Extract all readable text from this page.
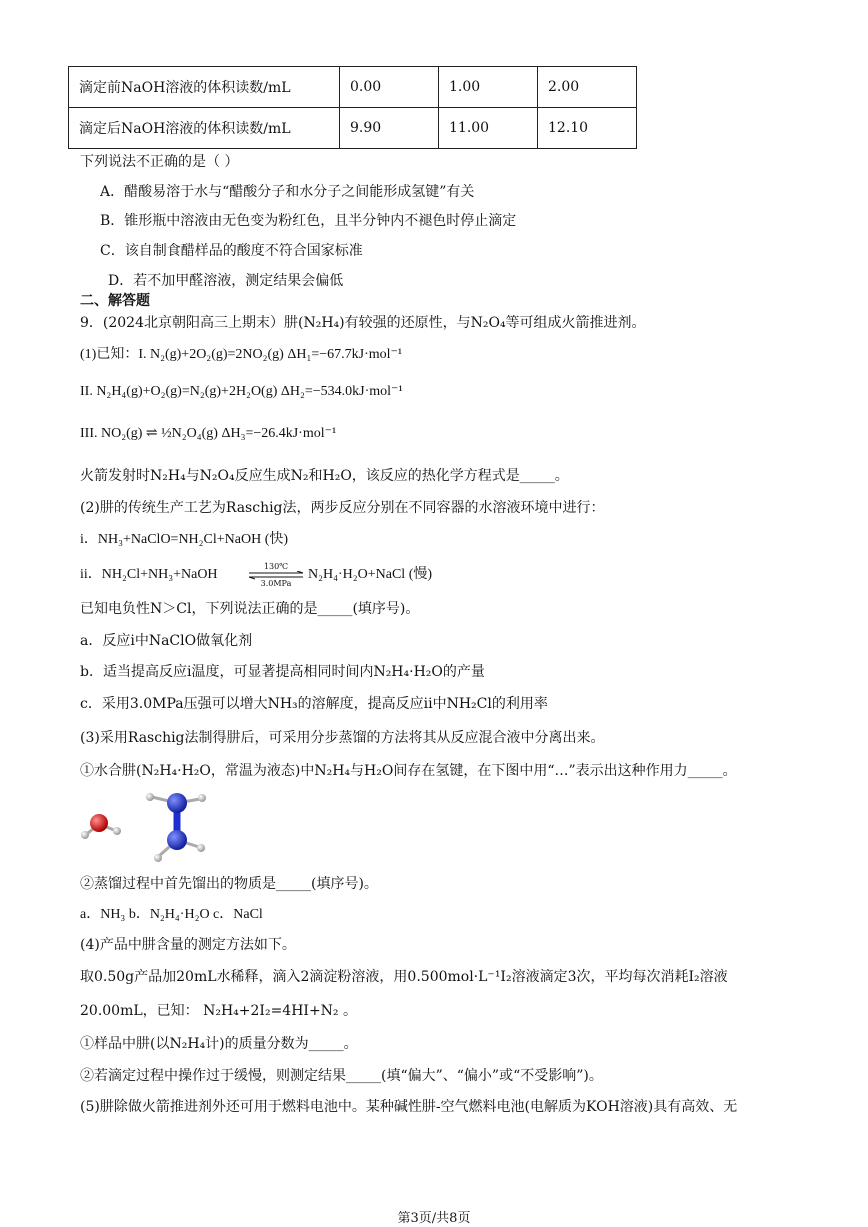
滴定前NaOH溶液的体积读数/mL	0.00	1.00	2.00
滴定后NaOH溶液的体积读数/mL	9.90	11.00	12.10
下列说法不正确的是（ ）
A．醋酸易溶于水与“醋酸分子和水分子之间能形成氢键”有关
B．锥形瓶中溶液由无色变为粉红色，且半分钟内不褪色时停止滴定
C．该自制食醋样品的酸度不符合国家标准
D．若不加甲醛溶液，测定结果会偏低
二、解答题
9．(2024北京朝阳高三上期末）肼(N₂H₄)有较强的还原性，与N₂O₄等可组成火箭推进剂。
(1)已知：I. N₂(g)+2O₂(g)=2NO₂(g) ΔH₁=−67.7kJ·mol⁻¹
II. N₂H₄(g)+O₂(g)=N₂(g)+2H₂O(g) ΔH₂=−534.0kJ·mol⁻¹
III. NO₂(g) ⇌ ½N₂O₄(g) ΔH₃=−26.4kJ·mol⁻¹
火箭发射时N₂H₄与N₂O₄反应生成N₂和H₂O，该反应的热化学方程式是_____。
(2)肼的传统生产工艺为Raschig法，两步反应分别在不同容器的水溶液环境中进行：
i．NH₃+NaClO=NH₂Cl+NaOH (快)
ii．NH₂Cl+NH₃+NaOH
130℃
3.0MPa
N₂H₄·H₂O+NaCl (慢)
已知电负性N＞Cl，下列说法正确的是_____(填序号)。
a．反应i中NaClO做氧化剂
b．适当提高反应i温度，可显著提高相同时间内N₂H₄·H₂O的产量
c．采用3.0MPa压强可以增大NH₃的溶解度，提高反应ii中NH₂Cl的利用率
(3)采用Raschig法制得肼后，可采用分步蒸馏的方法将其从反应混合液中分离出来。
①水合肼(N₂H₄·H₂O，常温为液态)中N₂H₄与H₂O间存在氢键，在下图中用“…”表示出这种作用力_____。
②蒸馏过程中首先馏出的物质是_____(填序号)。
a．NH₃ b．N₂H₄·H₂O c．NaCl
(4)产品中肼含量的测定方法如下。
取0.50g产品加20mL水稀释，滴入2滴淀粉溶液，用0.500mol·L⁻¹I₂溶液滴定3次，平均每次消耗I₂溶液
20.00mL，已知： N₂H₄+2I₂=4HI+N₂ 。
①样品中肼(以N₂H₄计)的质量分数为_____。
②若滴定过程中操作过于缓慢，则测定结果_____(填“偏大”、“偏小”或“不受影响”)。
(5)肼除做火箭推进剂外还可用于燃料电池中。某种碱性肼-空气燃料电池(电解质为KOH溶液)具有高效、无
第3页/共8页
